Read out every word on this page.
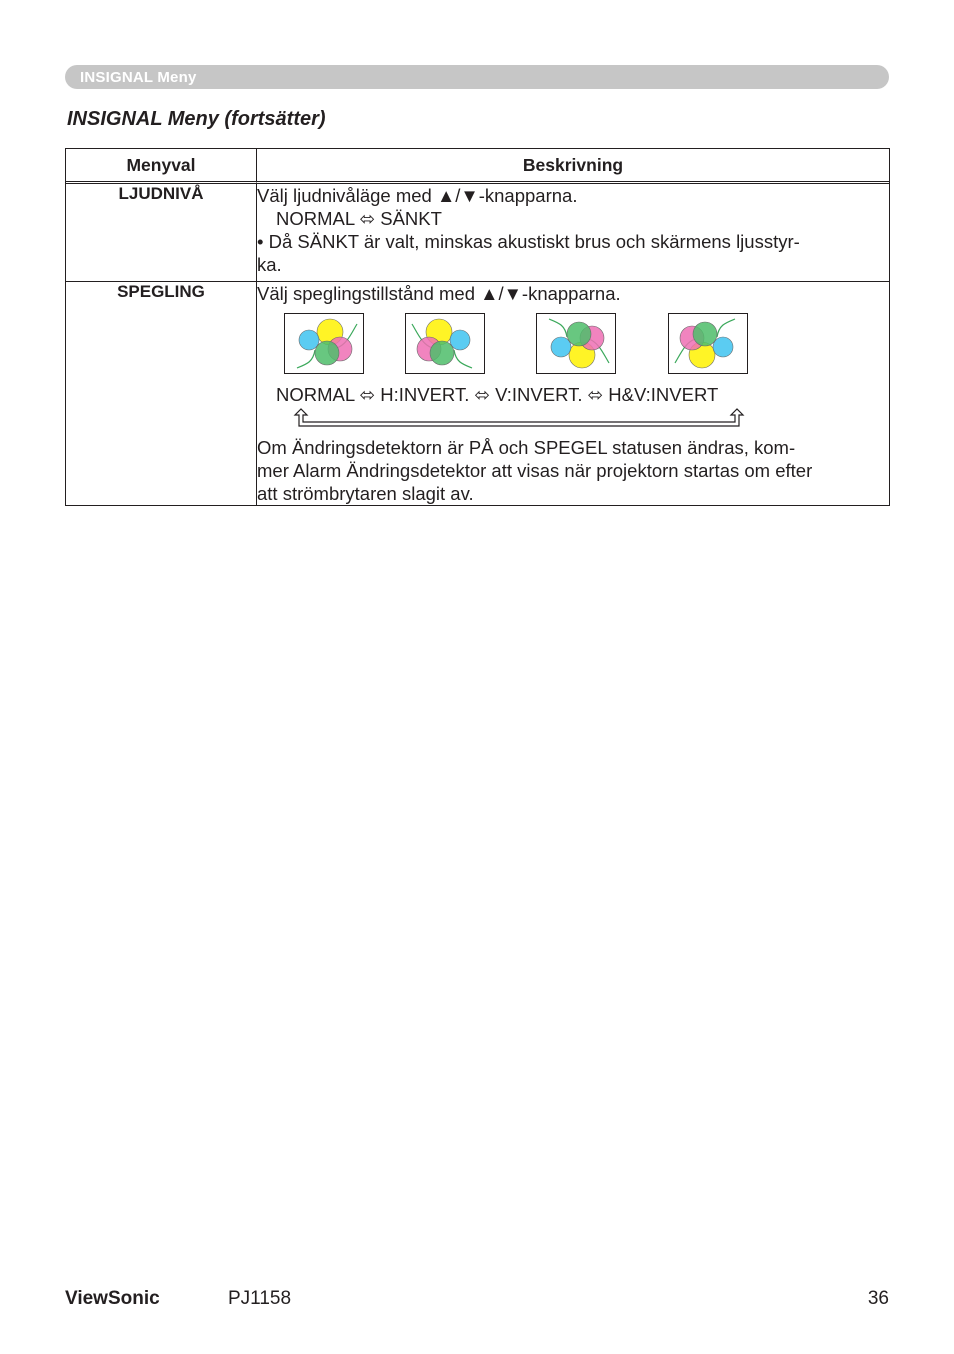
INSIGNAL Meny
INSIGNAL Meny (fortsätter)
Menyval	Beskrivning
LJUDNIVÅ	Välj ljudnivåläge med ▲/▼-knapparna.
NORMAL ⬄ SÄNKT
• Då SÄNKT är valt, minskas akustiskt brus och skärmens ljusstyr-
ka.

SPEGLING	Välj speglingstillstånd med ▲/▼-knapparna.
NORMAL ⬄ H:INVERT. ⬄ V:INVERT. ⬄ H&V:INVERT
Om Ändringsdetektorn är PÅ och SPEGEL statusen ändras, kom-
mer Alarm Ändringsdetektor att visas när projektorn startas om efter
att strömbrytaren slagit av.
ViewSonic	PJ1158	36
